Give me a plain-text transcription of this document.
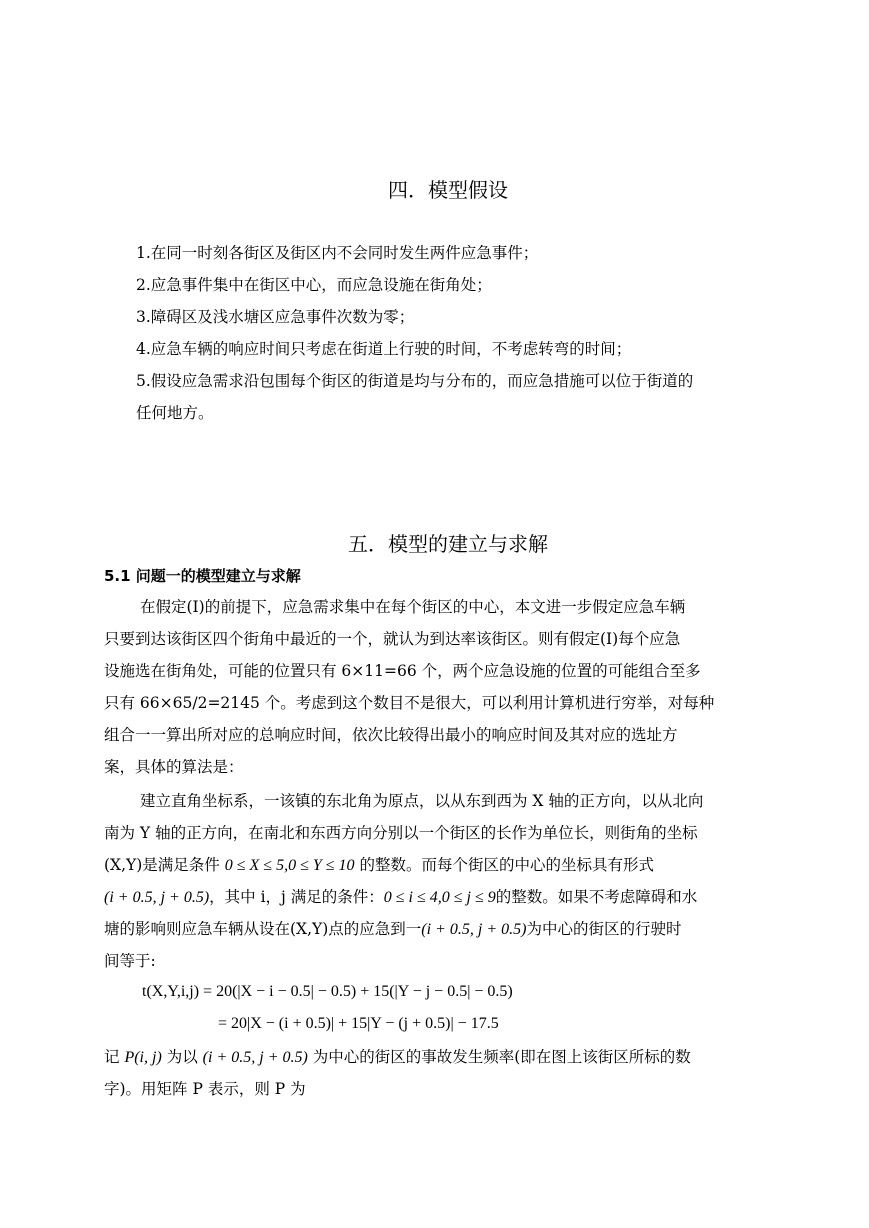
四．模型假设
1.在同一时刻各街区及街区内不会同时发生两件应急事件；
2.应急事件集中在街区中心，而应急设施在街角处；
3.障碍区及浅水塘区应急事件次数为零；
4.应急车辆的响应时间只考虑在街道上行驶的时间，不考虑转弯的时间；
5.假设应急需求沿包围每个街区的街道是均与分布的，而应急措施可以位于街道的
任何地方。
五．模型的建立与求解
5.1 问题一的模型建立与求解
在假定(I)的前提下，应急需求集中在每个街区的中心，本文进一步假定应急车辆
只要到达该街区四个街角中最近的一个，就认为到达率该街区。则有假定(I)每个应急
设施选在街角处，可能的位置只有 6×11=66 个，两个应急设施的位置的可能组合至多
只有 66×65/2=2145 个。考虑到这个数目不是很大，可以利用计算机进行穷举，对每种
组合一一算出所对应的总响应时间，依次比较得出最小的响应时间及其对应的选址方
案，具体的算法是：
建立直角坐标系，一该镇的东北角为原点，以从东到西为 X 轴的正方向，以从北向
南为 Y 轴的正方向，在南北和东西方向分别以一个街区的长作为单位长，则街角的坐标
(X,Y)是满足条件 0 ≤ X ≤ 5,0 ≤ Y ≤ 10 的整数。而每个街区的中心的坐标具有形式
(i + 0.5, j + 0.5)，其中 i，j 满足的条件：0 ≤ i ≤ 4,0 ≤ j ≤ 9的整数。如果不考虑障碍和水
塘的影响则应急车辆从设在(X,Y)点的应急到一(i + 0.5, j + 0.5)为中心的街区的行驶时
间等于:
t(X,Y,i,j) = 20(|X − i − 0.5| − 0.5) + 15(|Y − j − 0.5| − 0.5)
= 20|X − (i + 0.5)| + 15|Y − (j + 0.5)| − 17.5
记 P(i, j) 为以 (i + 0.5, j + 0.5) 为中心的街区的事故发生频率(即在图上该街区所标的数
字)。用矩阵 P 表示，则 P 为
